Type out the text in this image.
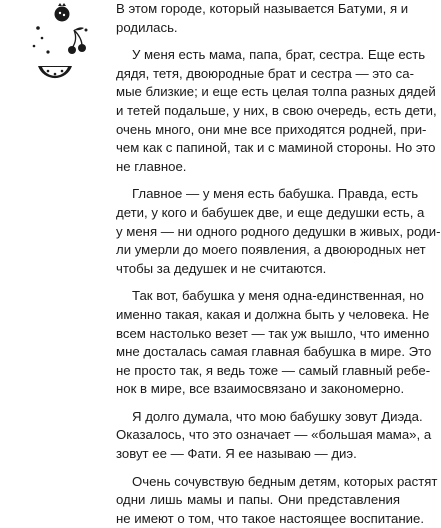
В этом городе, который называется Батуми, я и
родилась.
У меня есть мама, папа, брат, сестра. Еще есть
дядя, тетя, двоюродные брат и сестра — это са-
мые близкие; и еще есть целая толпа разных дядей
и тетей подальше, у них, в свою очередь, есть дети,
очень много, они мне все приходятся родней, при-
чем как с папиной, так и с маминой стороны. Но это
не главное.
Главное — у меня есть бабушка. Правда, есть
дети, у кого и бабушек две, и еще дедушки есть, а
у меня — ни одного родного дедушки в живых, роди-
ли умерли до моего появления, а двоюродных нет
чтобы за дедушек и не считаются.
Так вот, бабушка у меня одна-единственная, но
именно такая, какая и должна быть у человека. Не
всем настолько везет — так уж вышло, что именно
мне досталась самая главная бабушка в мире. Это
не просто так, я ведь тоже — самый главный ребе-
нок в мире, все взаимосвязано и закономерно.
Я долго думала, что мою бабушку зовут Диэда.
Оказалось, что это означает — «большая мама», а
зовут ее — Фати. Я ее называю — диэ.
Очень сочувствую бедным детям, которых растят
одни лишь мамы и папы. Они представления
не имеют о том, что такое настоящее воспитание.
